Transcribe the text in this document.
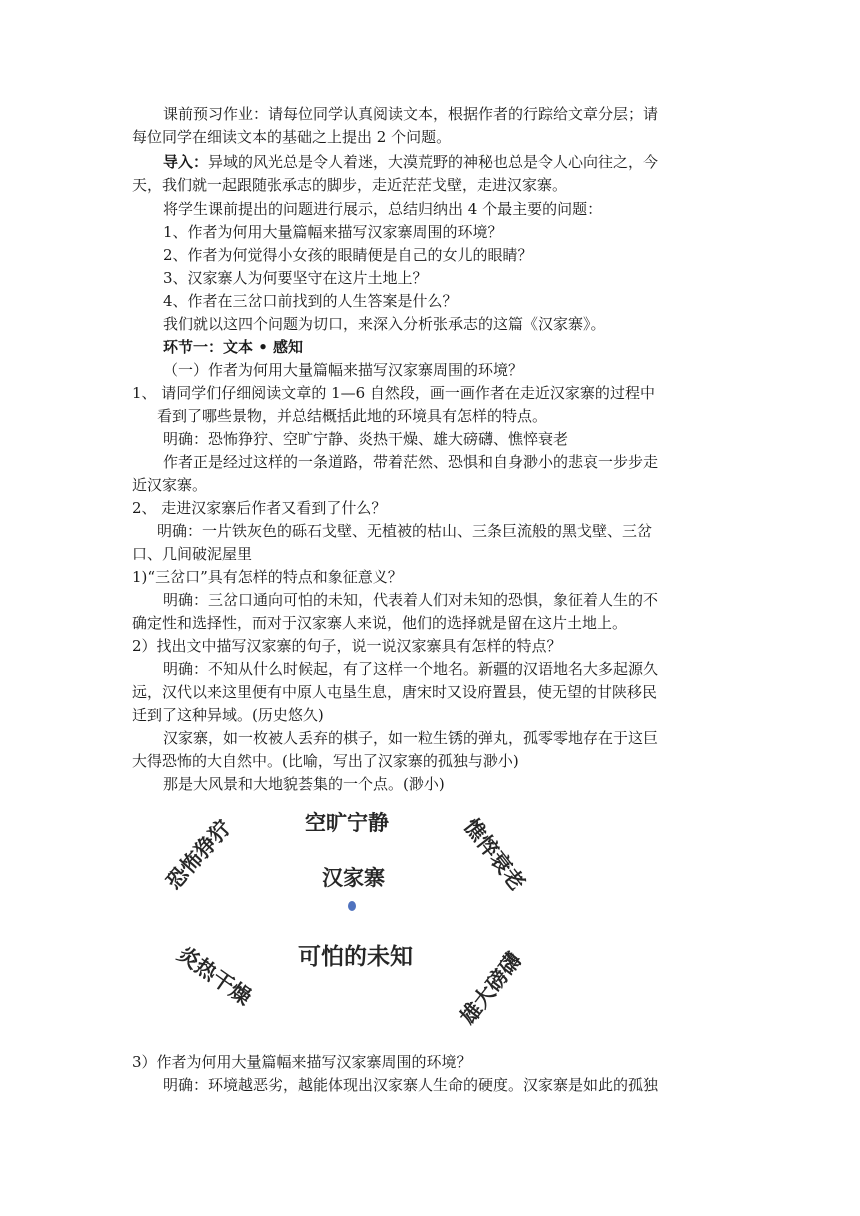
课前预习作业：请每位同学认真阅读文本，根据作者的行踪给文章分层；请
每位同学在细读文本的基础之上提出 2 个问题。
导入：异域的风光总是令人着迷，大漠荒野的神秘也总是令人心向往之，今
天，我们就一起跟随张承志的脚步，走近茫茫戈壁，走进汉家寨。
将学生课前提出的问题进行展示，总结归纳出 4 个最主要的问题：
1、作者为何用大量篇幅来描写汉家寨周围的环境？
2、作者为何觉得小女孩的眼睛便是自己的女儿的眼睛？
3、汉家寨人为何要坚守在这片土地上？
4、作者在三岔口前找到的人生答案是什么？
我们就以这四个问题为切口，来深入分析张承志的这篇《汉家寨》。
环节一：文本 • 感知
（一）作者为何用大量篇幅来描写汉家寨周围的环境？
1、 请同学们仔细阅读文章的 1—6 自然段，画一画作者在走近汉家寨的过程中
看到了哪些景物，并总结概括此地的环境具有怎样的特点。
明确：恐怖狰狞、空旷宁静、炎热干燥、雄大磅礴、憔悴衰老
作者正是经过这样的一条道路，带着茫然、恐惧和自身渺小的悲哀一步步走
近汉家寨。
2、 走进汉家寨后作者又看到了什么？
明确：一片铁灰色的砾石戈壁、无植被的枯山、三条巨流般的黑戈壁、三岔
口、几间破泥屋里
1)“三岔口”具有怎样的特点和象征意义？
明确：三岔口通向可怕的未知，代表着人们对未知的恐惧，象征着人生的不
确定性和选择性，而对于汉家寨人来说，他们的选择就是留在这片土地上。
2）找出文中描写汉家寨的句子，说一说汉家寨具有怎样的特点？
明确：不知从什么时候起，有了这样一个地名。新疆的汉语地名大多起源久
远，汉代以来这里便有中原人屯垦生息，唐宋时又设府置县，使无望的甘陕移民
迁到了这种异域。(历史悠久)
汉家寨，如一枚被人丢弃的棋子，如一粒生锈的弹丸，孤零零地存在于这巨
大得恐怖的大自然中。(比喻，写出了汉家寨的孤独与渺小)
那是大风景和大地貌荟集的一个点。(渺小)
空旷宁静
汉家寨
可怕的未知
恐怖狰狞	憔悴衰老
炎热干燥	雄大磅礴
3）作者为何用大量篇幅来描写汉家寨周围的环境？
明确：环境越恶劣，越能体现出汉家寨人生命的硬度。汉家寨是如此的孤独
